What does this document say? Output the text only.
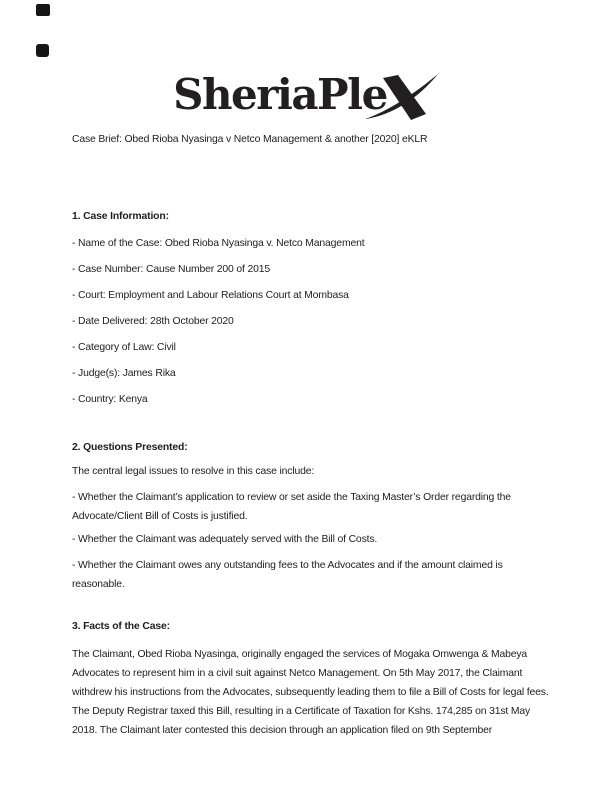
SheriaPle
Case Brief: Obed Rioba Nyasinga v Netco Management & another [2020] eKLR
1. Case Information:
- Name of the Case: Obed Rioba Nyasinga v. Netco Management
- Case Number: Cause Number 200 of 2015
- Court: Employment and Labour Relations Court at Mombasa
- Date Delivered: 28th October 2020
- Category of Law: Civil
- Judge(s): James Rika
- Country: Kenya
2. Questions Presented:
The central legal issues to resolve in this case include:
- Whether the Claimant’s application to review or set aside the Taxing Master’s Order regarding the Advocate/Client Bill of Costs is justified.
- Whether the Claimant was adequately served with the Bill of Costs.
- Whether the Claimant owes any outstanding fees to the Advocates and if the amount claimed is reasonable.
3. Facts of the Case:
The Claimant, Obed Rioba Nyasinga, originally engaged the services of Mogaka Omwenga & Mabeya Advocates to represent him in a civil suit against Netco Management. On 5th May 2017, the Claimant withdrew his instructions from the Advocates, subsequently leading them to file a Bill of Costs for legal fees. The Deputy Registrar taxed this Bill, resulting in a Certificate of Taxation for Kshs. 174,285 on 31st May 2018. The Claimant later contested this decision through an application filed on 9th September
